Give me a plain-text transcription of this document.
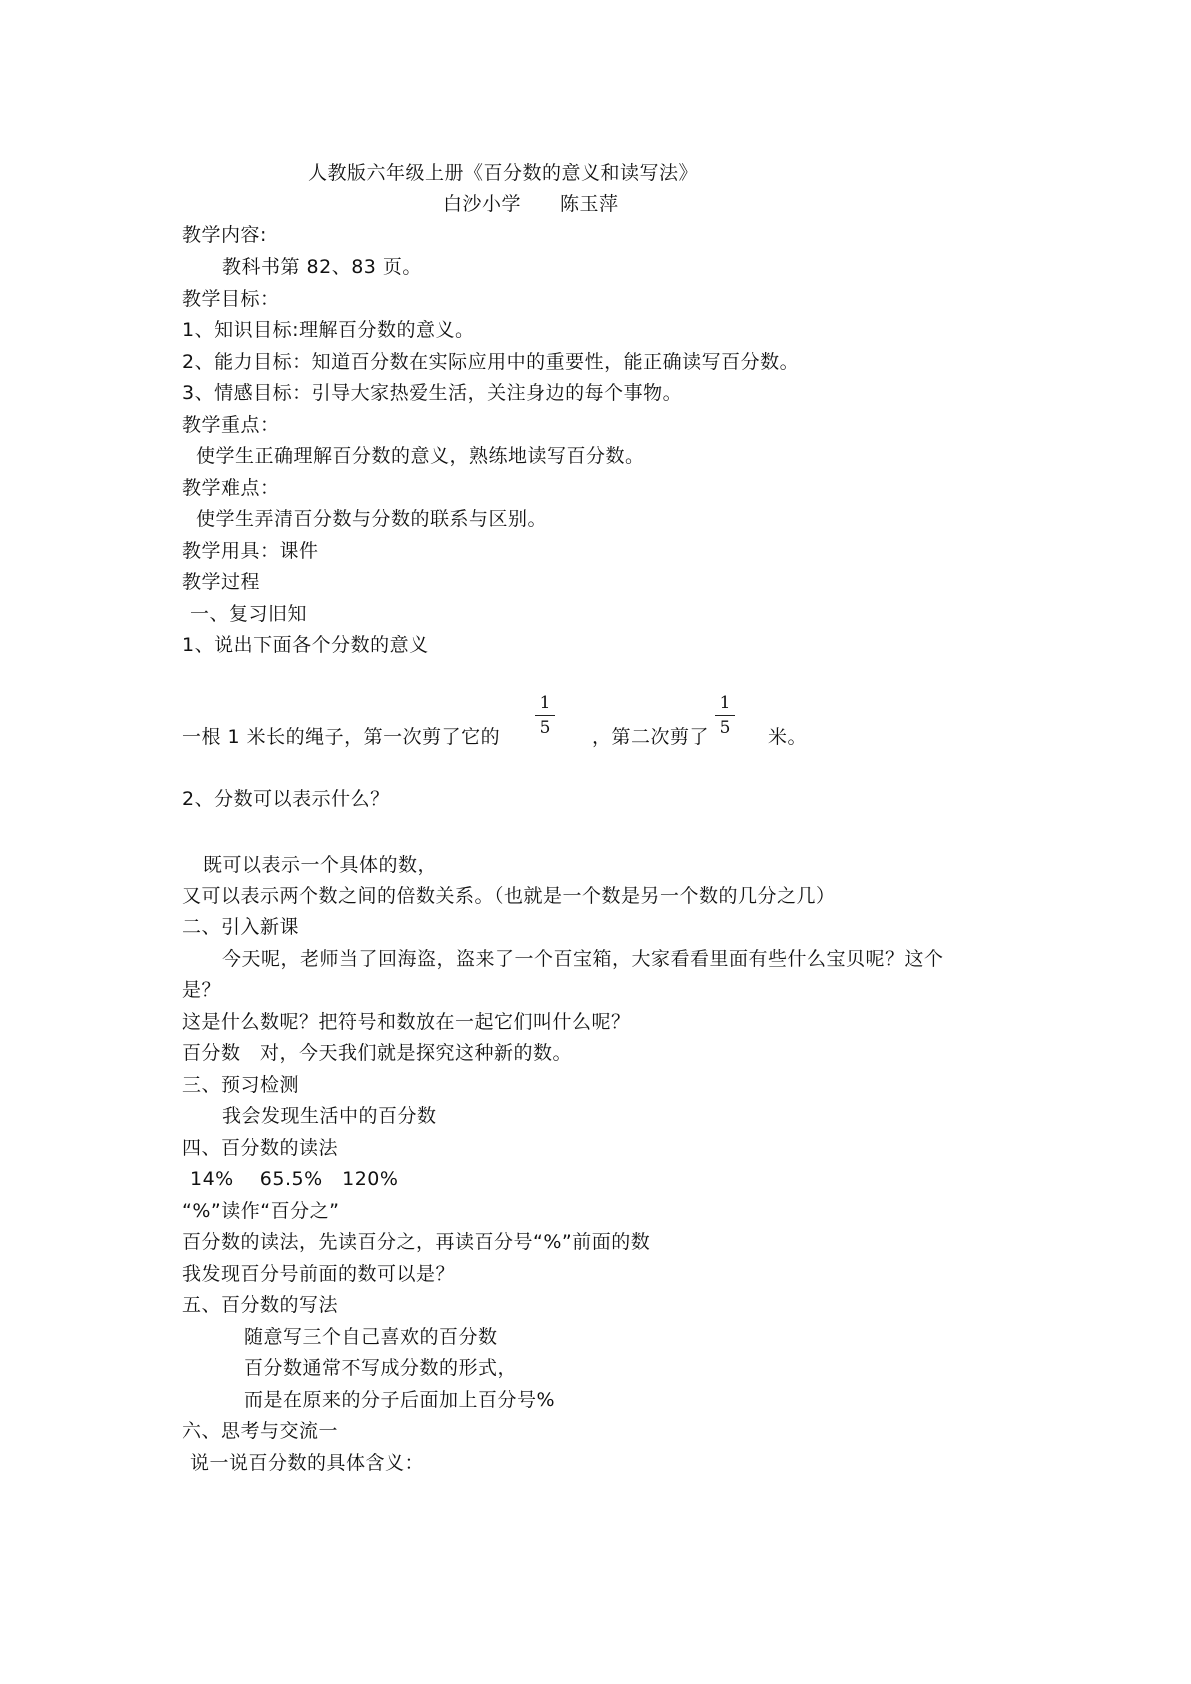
人教版六年级上册《百分数的意义和读写法》
白沙小学　　陈玉萍
教学内容:
教科书第 82、83 页。
教学目标：
1、知识目标:理解百分数的意义。
2、能力目标：知道百分数在实际应用中的重要性，能正确读写百分数。
3、情感目标：引导大家热爱生活，关注身边的每个事物。
教学重点：
使学生正确理解百分数的意义，熟练地读写百分数。
教学难点：
使学生弄清百分数与分数的联系与区别。
教学用具：课件
教学过程
一、复习旧知
1、说出下面各个分数的意义
一根 1 米长的绳子，第一次剪了它的 $\frac{1}{5}$ ，第二次剪了 $\frac{1}{5}$ 米。
2、分数可以表示什么？
既可以表示一个具体的数，
又可以表示两个数之间的倍数关系。（也就是一个数是另一个数的几分之几）
二、引入新课
今天呢，老师当了回海盗，盗来了一个百宝箱，大家看看里面有些什么宝贝呢？这个
是？
这是什么数呢？把符号和数放在一起它们叫什么呢？
百分数　对，今天我们就是探究这种新的数。
三、预习检测
我会发现生活中的百分数
四、百分数的读法
14%　 65.5%　120%
“%”读作“百分之”
百分数的读法，先读百分之，再读百分号“%”前面的数
我发现百分号前面的数可以是？
五、百分数的写法
随意写三个自己喜欢的百分数
百分数通常不写成分数的形式，
而是在原来的分子后面加上百分号%
六、思考与交流一
说一说百分数的具体含义：
